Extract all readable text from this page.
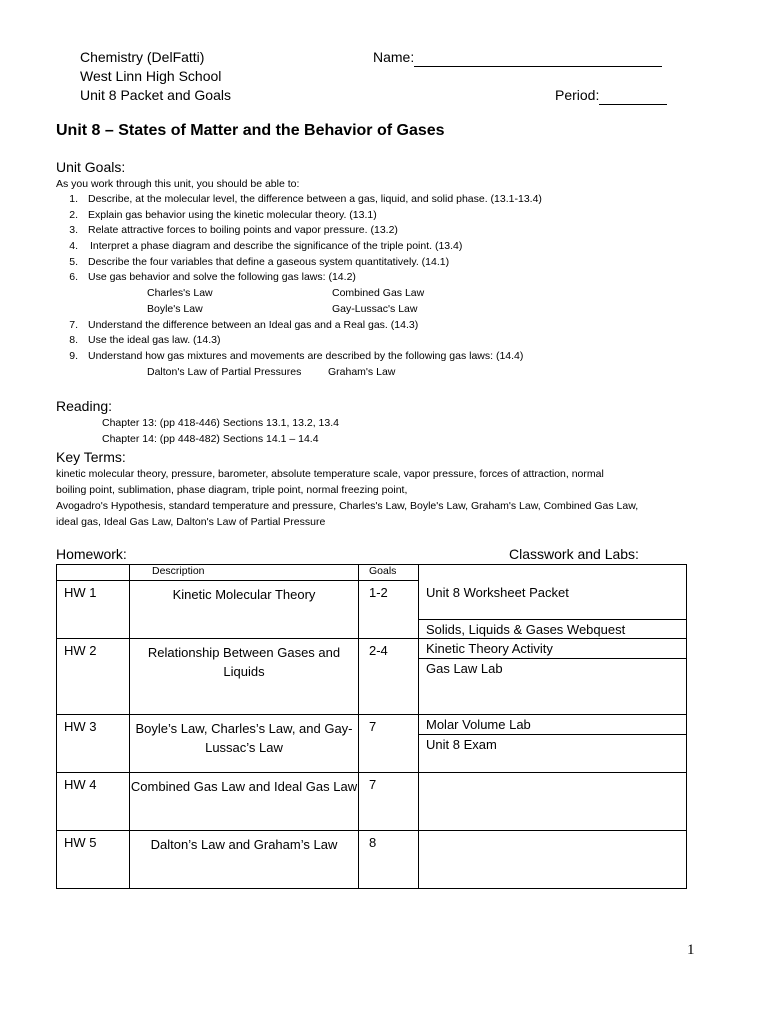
Chemistry (DelFatti)
West Linn High School
Unit 8 Packet and Goals
Name:
Period:
Unit 8 – States of Matter and the Behavior of Gases
Unit Goals:
As you work through this unit, you should be able to:
1. Describe, at the molecular level, the difference between a gas, liquid, and solid phase. (13.1-13.4)
2. Explain gas behavior using the kinetic molecular theory. (13.1)
3. Relate attractive forces to boiling points and vapor pressure. (13.2)
4. Interpret a phase diagram and describe the significance of the triple point. (13.4)
5. Describe the four variables that define a gaseous system quantitatively. (14.1)
6. Use gas behavior and solve the following gas laws: (14.2)
Charles's Law	Combined Gas Law
Boyle's Law	Gay-Lussac's Law
7. Understand the difference between an Ideal gas and a Real gas. (14.3)
8. Use the ideal gas law. (14.3)
9. Understand how gas mixtures and movements are described by the following gas laws: (14.4)
Dalton's Law of Partial Pressures	Graham's Law
Reading:
Chapter 13: (pp 418-446) Sections 13.1, 13.2, 13.4
Chapter 14: (pp 448-482) Sections 14.1 – 14.4
Key Terms:
kinetic molecular theory, pressure, barometer, absolute temperature scale, vapor pressure, forces of attraction, normal
boiling point, sublimation, phase diagram, triple point, normal freezing point,
Avogadro's Hypothesis, standard temperature and pressure, Charles's Law, Boyle's Law, Graham's Law, Combined Gas Law,
ideal gas, Ideal Gas Law, Dalton's Law of Partial Pressure
Homework:	Classwork and Labs:
	Description	Goals	
HW 1	Kinetic Molecular Theory	1-2	Unit 8 Worksheet Packet
Solids, Liquids & Gases Webquest

HW 2	Relationship Between Gases and Liquids	2-4	Kinetic Theory Activity
Gas Law Lab

HW 3	Boyle’s Law, Charles’s Law, and Gay-Lussac’s Law	7	Molar Volume Lab
Unit 8 Exam

HW 4	Combined Gas Law and Ideal Gas Law	7	
HW 5	Dalton’s Law and Graham’s Law	8	
1
